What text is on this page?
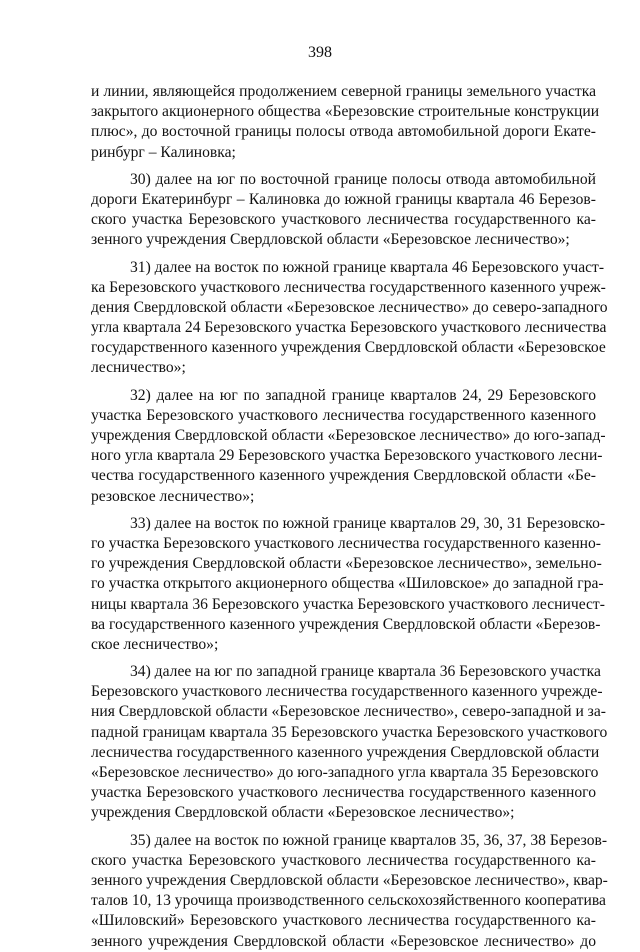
398
и линии, являющейся продолжением северной границы земельного участка
закрытого акционерного общества «Березовские строительные конструкции
плюс», до восточной границы полосы отвода автомобильной дороги Екате-
ринбург – Калиновка;
30) далее на юг по восточной границе полосы отвода автомобильной
дороги Екатеринбург – Калиновка до южной границы квартала 46 Березов-
ского участка Березовского участкового лесничества государственного ка-
зенного учреждения Свердловской области «Березовское лесничество»;
31) далее на восток по южной границе квартала 46 Березовского участ-
ка Березовского участкового лесничества государственного казенного учреж-
дения Свердловской области «Березовское лесничество» до северо-западного
угла квартала 24 Березовского участка Березовского участкового лесничества
государственного казенного учреждения Свердловской области «Березовское
лесничество»;
32) далее на юг по западной границе кварталов 24, 29 Березовского
участка Березовского участкового лесничества государственного казенного
учреждения Свердловской области «Березовское лесничество» до юго-запад-
ного угла квартала 29 Березовского участка Березовского участкового лесни-
чества государственного казенного учреждения Свердловской области «Бе-
резовское лесничество»;
33) далее на восток по южной границе кварталов 29, 30, 31 Березовско-
го участка Березовского участкового лесничества государственного казенно-
го учреждения Свердловской области «Березовское лесничество», земельно-
го участка открытого акционерного общества «Шиловское» до западной гра-
ницы квартала 36 Березовского участка Березовского участкового лесничест-
ва государственного казенного учреждения Свердловской области «Березов-
ское лесничество»;
34) далее на юг по западной границе квартала 36 Березовского участка
Березовского участкового лесничества государственного казенного учрежде-
ния Свердловской области «Березовское лесничество», северо-западной и за-
падной границам квартала 35 Березовского участка Березовского участкового
лесничества государственного казенного учреждения Свердловской области
«Березовское лесничество» до юго-западного угла квартала 35 Березовского
участка Березовского участкового лесничества государственного казенного
учреждения Свердловской области «Березовское лесничество»;
35) далее на восток по южной границе кварталов 35, 36, 37, 38 Березов-
ского участка Березовского участкового лесничества государственного ка-
зенного учреждения Свердловской области «Березовское лесничество», квар-
талов 10, 13 урочища производственного сельскохозяйственного кооператива
«Шиловский» Березовского участкового лесничества государственного ка-
зенного учреждения Свердловской области «Березовское лесничество» до
